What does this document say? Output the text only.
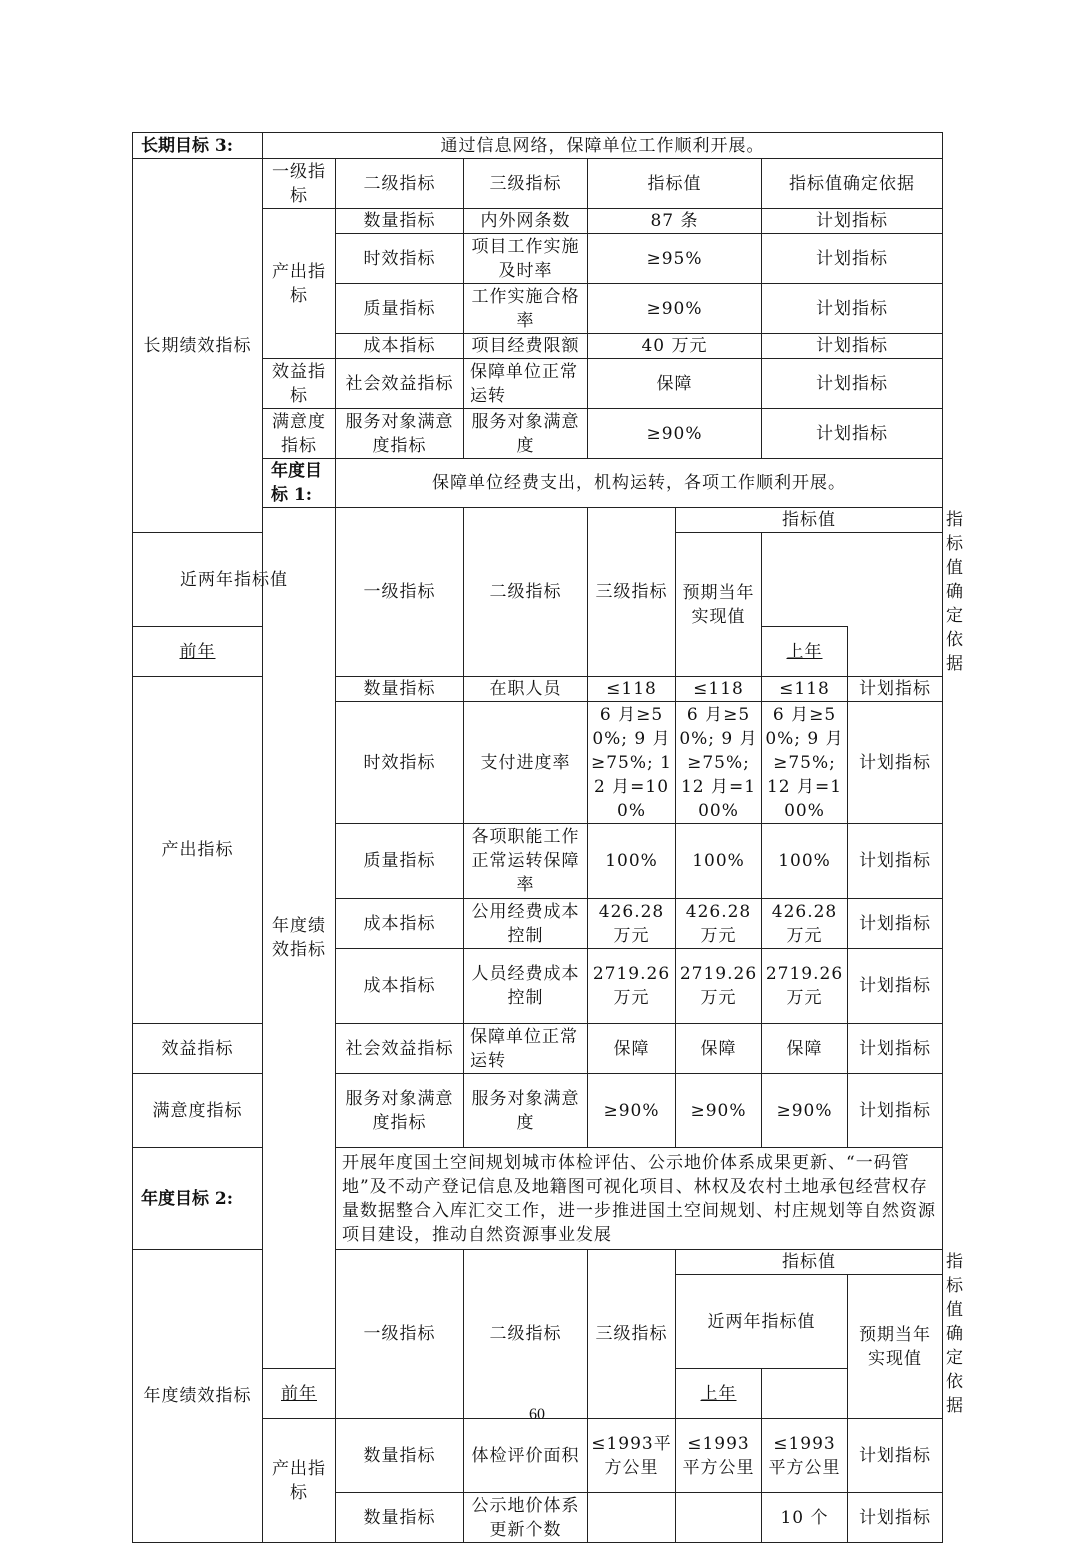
长期目标 3:	通过信息网络，保障单位工作顺利开展。							
长期绩效指标	一级指标	二级指标	三级指标	指标值		指标值确定依据		
	产出指标	数量指标	内外网条数	87 条		计划指标		
		时效指标	项目工作实施及时率	≥95%		计划指标		
		质量指标	工作实施合格率	≥90%		计划指标		
		成本指标	项目经费限额	40 万元		计划指标		
	效益指标	社会效益指标	保障单位正常运转	保障		计划指标		
	满意度指标	服务对象满意度指标	服务对象满意度	≥90%		计划指标		
	年度目标 1:	保障单位经费支出，机构运转，各项工作顺利开展。						
	年度绩效指标	一级指标	二级指标	三级指标	指标值			指标值确定依据
近两年指标值					预期当年实现值			
前年						上年		
产出指标		数量指标	在职人员	≤118	≤118	≤118	计划指标	
		时效指标	支付进度率	6 月≥50%; 9 月≥75%; 12 月=100%	6 月≥50%; 9 月≥75%; 12 月=100%	6 月≥50%; 9 月≥75%; 12 月=100%	计划指标	
		质量指标	各项职能工作正常运转保障率	100%	100%	100%	计划指标	
		成本指标	公用经费成本控制	426.28 万元	426.28 万元	426.28 万元	计划指标	
		成本指标	人员经费成本控制	2719.26 万元	2719.26 万元	2719.26 万元	计划指标	
效益指标		社会效益指标	保障单位正常运转	保障	保障	保障	计划指标	
满意度指标		服务对象满意度指标	服务对象满意度	≥90%	≥90%	≥90%	计划指标	
年度目标 2:		开展年度国土空间规划城市体检评估、公示地价体系成果更新、“一码管地”及不动产登记信息及地籍图可视化项目、林权及农村土地承包经营权存量数据整合入库汇交工作，进一步推进国土空间规划、村庄规划等自然资源项目建设，推动自然资源事业发展						
年度绩效指标		一级指标	二级指标	三级指标	指标值			指标值确定依据
					近两年指标值		预期当年实现值	
	前年				上年			
	产出指标	数量指标	体检评价面积	≤1993平方公里	≤1993平方公里	≤1993平方公里	计划指标	
		数量指标	公示地价体系更新个数			10 个	计划指标	
60
